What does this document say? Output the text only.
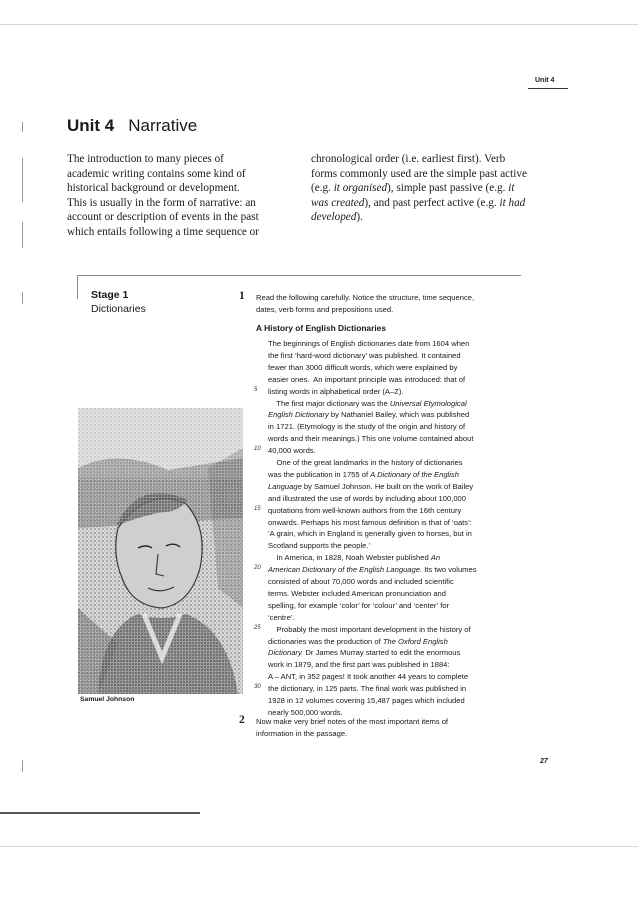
Unit 4
Unit 4 Narrative

The introduction to many pieces of

academic writing contains some kind of

historical background or development.

This is usually in the form of narrative: an

account or description of events in the past

which entails following a time sequence or

chronological order (i.e. earliest first). Verb forms commonly used are the simple past active (e.g. it organised), simple past passive (e.g. it was created), and past perfect active (e.g. it had developed).

Stage 1
Dictionaries
1 Read the following carefully. Notice the structure, time sequence,
dates, verb forms and prepositions used.
A History of English Dictionaries
The beginnings of English dictionaries date from 1604 when
the first ‘hard-word dictionary’ was published. It contained
fewer than 3000 difficult words, which were explained by
easier ones.  An important principle was introduced: that of
listing words in alphabetical order (A–Z).
5
The first major dictionary was the Universal Etymological
English Dictionary by Nathaniel Bailey, which was published
in 1721. (Etymology is the study of the origin and history of
words and their meanings.) This one volume contained about
40,000 words.
10
One of the great landmarks in the history of dictionaries
was the publication in 1755 of A Dictionary of the English
Language by Samuel Johnson. He built on the work of Bailey
and illustrated the use of words by including about 100,000
quotations from well-known authors from the 16th century
15
onwards. Perhaps his most famous definition is that of ‘oats’:
‘A grain, which in England is generally given to horses, but in
Scotland supports the people.’
In America, in 1828, Noah Webster published An
American Dictionary of the English Language. Its two volumes
20
consisted of about 70,000 words and included scientific
terms. Webster included American pronunciation and
spelling, for example ‘color’ for ‘colour’ and ‘center’ for
‘centre’.
Probably the most important development in the history of
25
dictionaries was the production of The Oxford English
Dictionary. Dr James Murray started to edit the enormous
work in 1879, and the first part was published in 1884:
A – ANT, in 352 pages! It took another 44 years to complete
the dictionary, in 125 parts. The final work was published in
30
1928 in 12 volumes covering 15,487 pages which included
nearly 500,000 words.
Samuel Johnson
2 Now make very brief notes of the most important items of
information in the passage.
27
